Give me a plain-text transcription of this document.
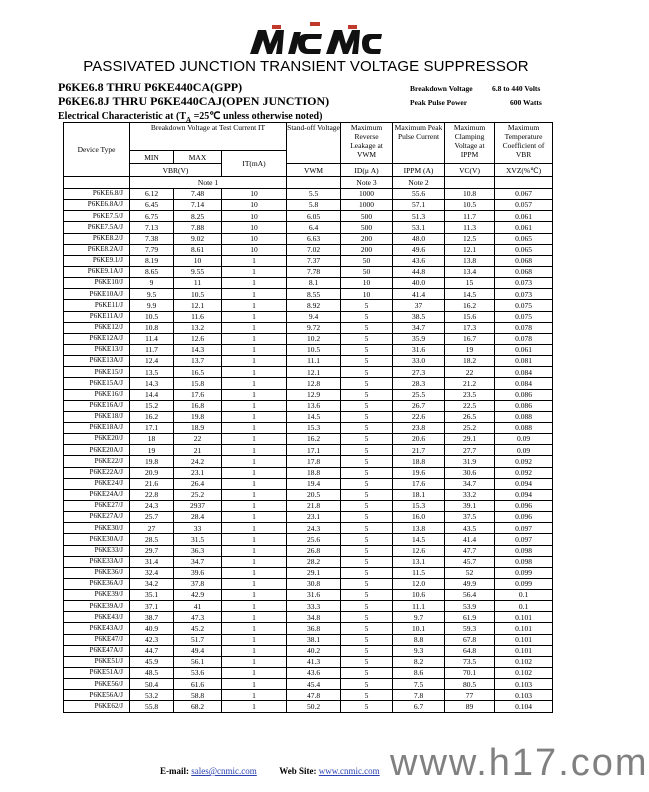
PASSIVATED JUNCTION TRANSIENT VOLTAGE SUPPRESSOR
P6KE6.8 THRU P6KE440CA(GPP)
P6KE6.8J THRU P6KE440CAJ(OPEN JUNCTION)
Breakdown Voltage	6.8 to 440 Volts
Peak Pulse Power	600 Watts
Electrical Characteristic at ($T_A$ =25℃ unless otherwise noted)
Device Type	Breakdown Voltage at Test Current IT			Stand-off Voltage	Maximum Reverse Leakage at VWM	Maximum Peak Pulse Current	Maximum Clamping Voltage at IPPM	Maximum Temperature Coefficient of VBR
	MIN	MAX	IT(mA)					
	VBR(V)			VWM	ID(μ A)	IPPM (A)	VC(V)	XVZ(%℃)
	Note 1				Note 3	Note 2		
P6KE6.8/J	6.12	7.48	10	5.5	1000	55.6	10.8	0.067
P6KE6.8A/J	6.45	7.14	10	5.8	1000	57.1	10.5	0.057
P6KE7.5/J	6.75	8.25	10	6.05	500	51.3	11.7	0.061
P6KE7.5A/J	7.13	7.88	10	6.4	500	53.1	11.3	0.061
P6KE8.2/J	7.38	9.02	10	6.63	200	48.0	12.5	0.065
P6KE8.2A/J	7.79	8.61	10	7.02	200	49.6	12.1	0.065
P6KE9.1/J	8.19	10	1	7.37	50	43.6	13.8	0.068
P6KE9.1A/J	8.65	9.55	1	7.78	50	44.8	13.4	0.068
P6KE10/J	9	11	1	8.1	10	40.0	15	0.073
P6KE10A/J	9.5	10.5	1	8.55	10	41.4	14.5	0.073
P6KE11/J	9.9	12.1	1	8.92	5	37	16.2	0.075
P6KE11A/J	10.5	11.6	1	9.4	5	38.5	15.6	0.075
P6KE12/J	10.8	13.2	1	9.72	5	34.7	17.3	0.078
P6KE12A/J	11.4	12.6	1	10.2	5	35.9	16.7	0.078
P6KE13/J	11.7	14.3	1	10.5	5	31.6	19	0.061
P6KE13A/J	12.4	13.7	1	11.1	5	33.0	18.2	0.081
P6KE15/J	13.5	16.5	1	12.1	5	27.3	22	0.084
P6KE15A/J	14.3	15.8	1	12.8	5	28.3	21.2	0.084
P6KE16/J	14.4	17.6	1	12.9	5	25.5	23.5	0.086
P6KE16A/J	15.2	16.8	1	13.6	5	26.7	22.5	0.086
P6KE18/J	16.2	19.8	1	14.5	5	22.6	26.5	0.088
P6KE18A/J	17.1	18.9	1	15.3	5	23.8	25.2	0.088
P6KE20/J	18	22	1	16.2	5	20.6	29.1	0.09
P6KE20A/J	19	21	1	17.1	5	21.7	27.7	0.09
P6KE22/J	19.8	24.2	1	17.8	5	18.8	31.9	0.092
P6KE22A/J	20.9	23.1	1	18.8	5	19.6	30.6	0.092
P6KE24/J	21.6	26.4	1	19.4	5	17.6	34.7	0.094
P6KE24A/J	22.8	25.2	1	20.5	5	18.1	33.2	0.094
P6KE27/J	24.3	2937	1	21.8	5	15.3	39.1	0.096
P6KE27A/J	25.7	28.4	1	23.1	5	16.0	37.5	0.096
P6KE30/J	27	33	1	24.3	5	13.8	43.5	0.097
P6KE30A/J	28.5	31.5	1	25.6	5	14.5	41.4	0.097
P6KE33/J	29.7	36.3	1	26.8	5	12.6	47.7	0.098
P6KE33A/J	31.4	34.7	1	28.2	5	13.1	45.7	0.098
P6KE36/J	32.4	39.6	1	29.1	5	11.5	52	0.099
P6KE36A/J	34.2	37.8	1	30.8	5	12.0	49.9	0.099
P6KE39/J	35.1	42.9	1	31.6	5	10.6	56.4	0.1
P6KE39A/J	37.1	41	1	33.3	5	11.1	53.9	0.1
P6KE43/J	38.7	47.3	1	34.8	5	9.7	61.9	0.101
P6KE43A/J	40.9	45.2	1	36.8	5	10.1	59.3	0.101
P6KE47/J	42.3	51.7	1	38.1	5	8.8	67.8	0.101
P6KE47A/J	44.7	49.4	1	40.2	5	9.3	64.8	0.101
P6KE51/J	45.9	56.1	1	41.3	5	8.2	73.5	0.102
P6KE51A/J	48.5	53.6	1	43.6	5	8.6	70.1	0.102
P6KE56/J	50.4	61.6	1	45.4	5	7.5	80.5	0.103
P6KE56A/J	53.2	58.8	1	47.8	5	7.8	77	0.103
P6KE62/J	55.8	68.2	1	50.2	5	6.7	89	0.104
E-mail: sales@cnmic.com	Web Site: www.cnmic.com www.h17.com
